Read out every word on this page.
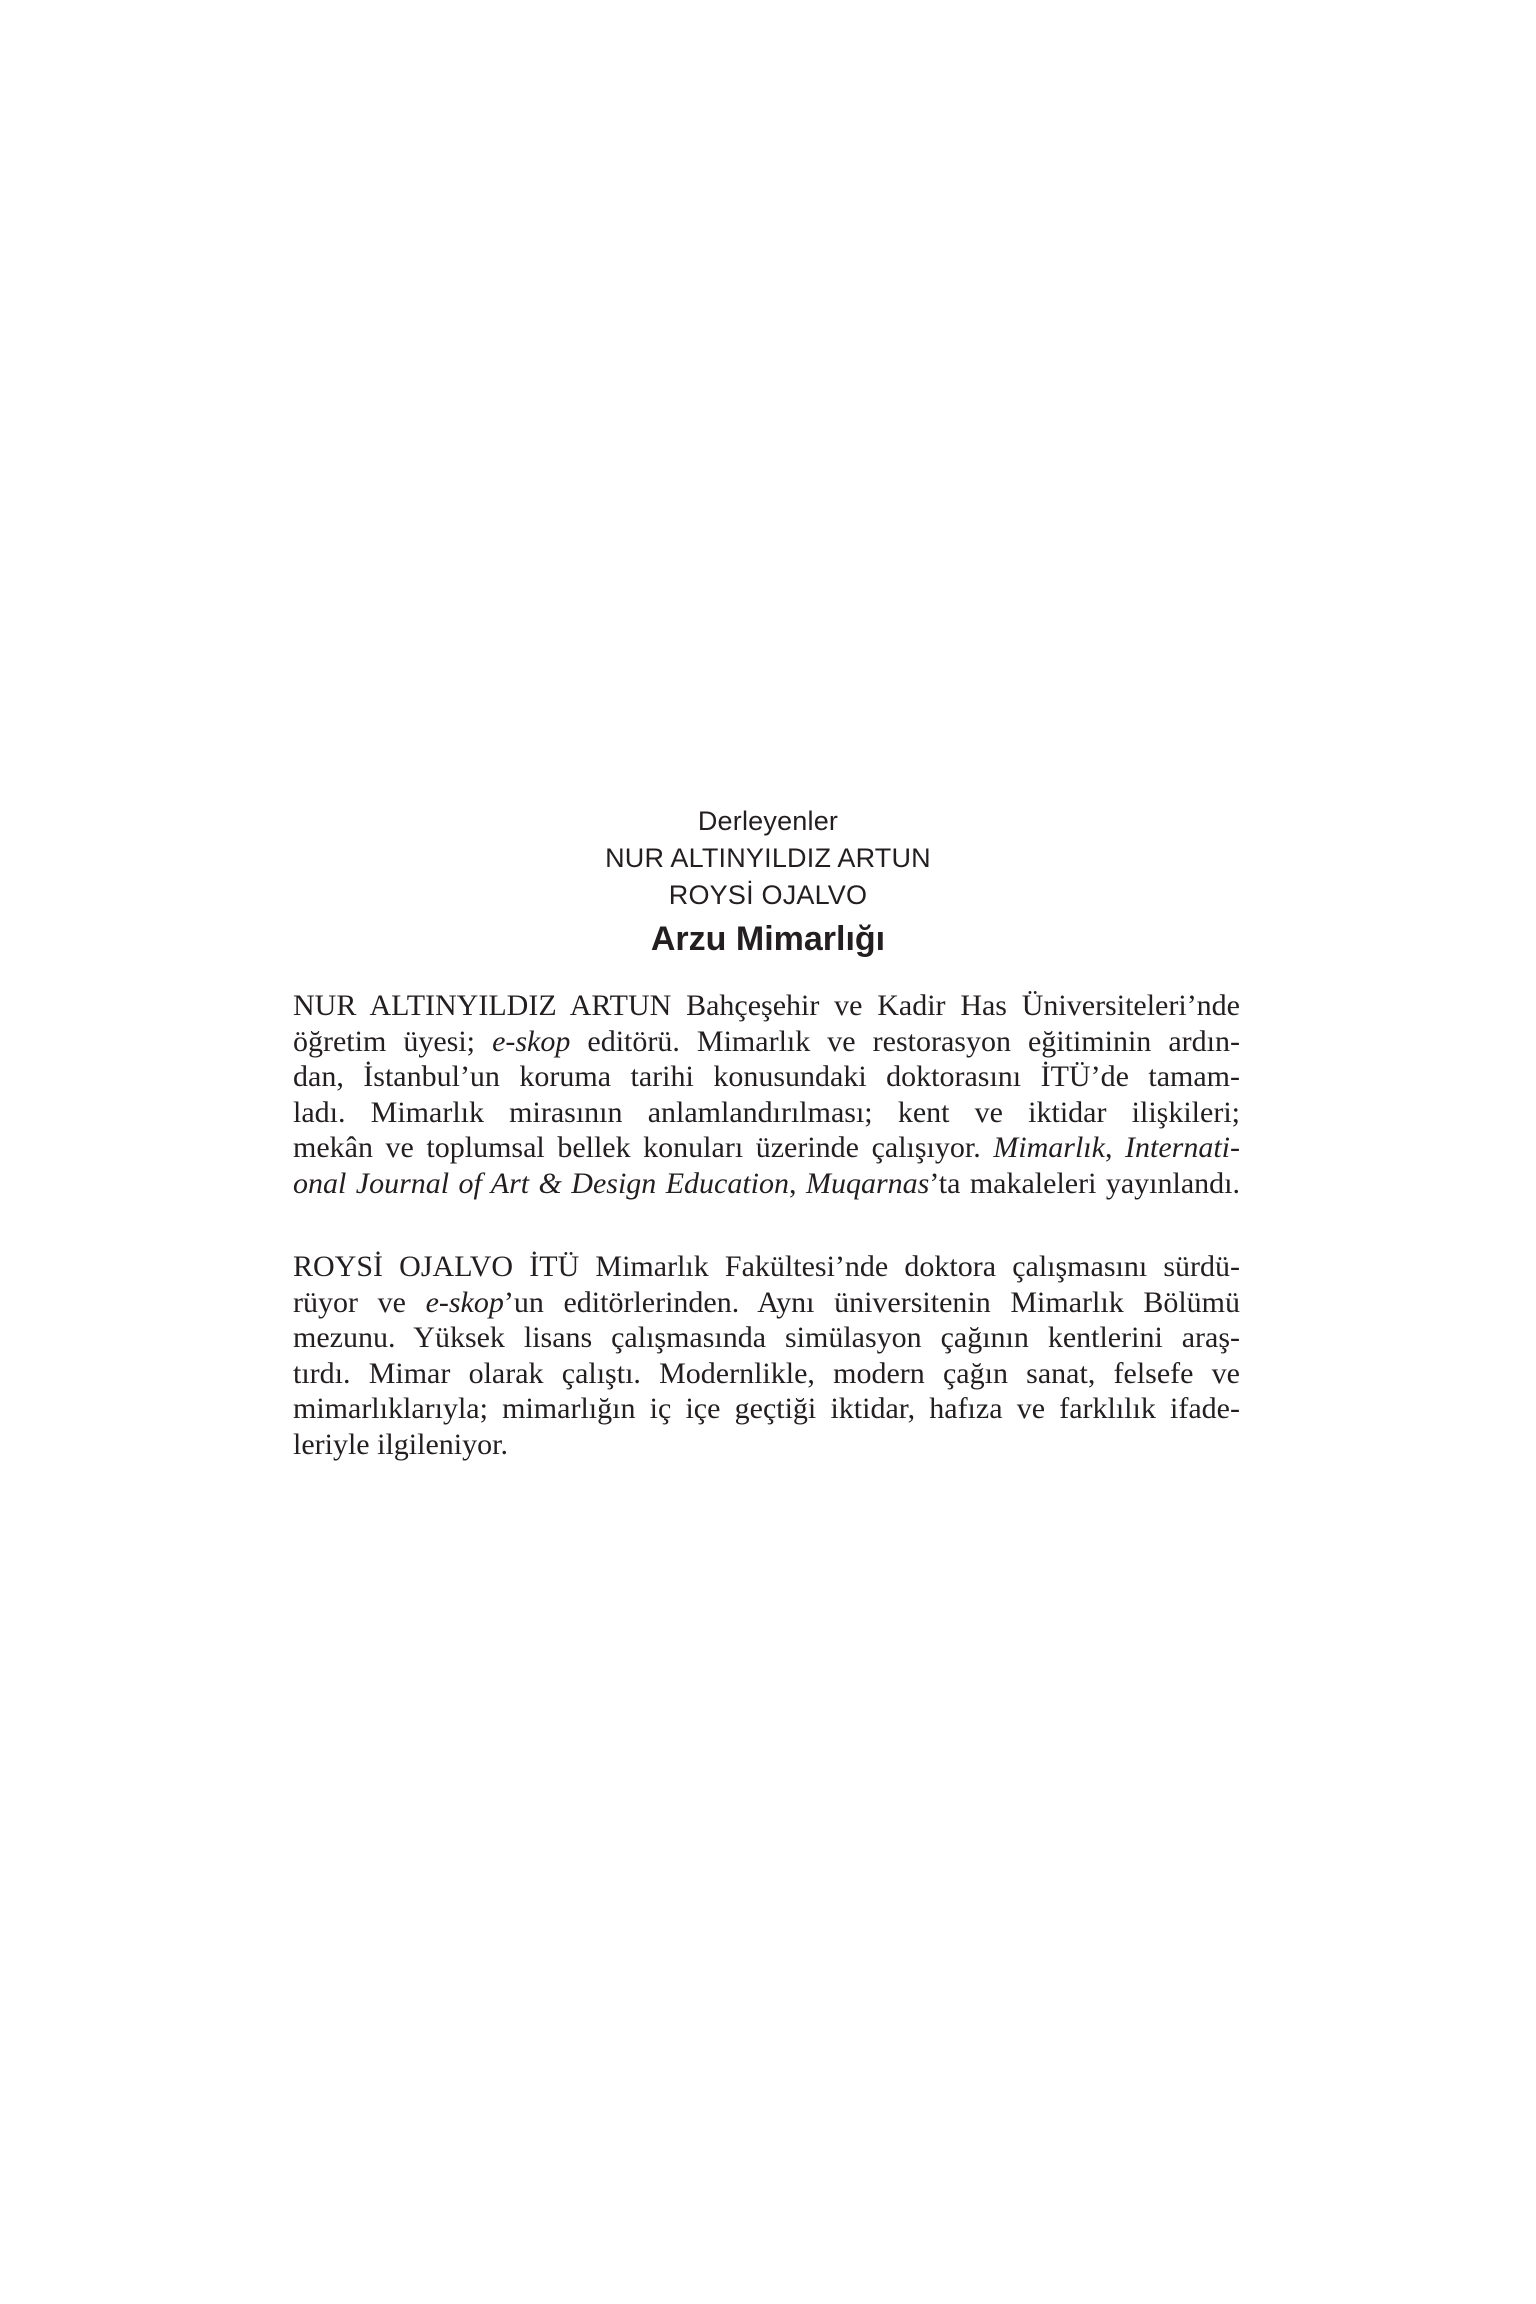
Derleyenler
NUR ALTINYILDIZ ARTUN
ROYSİ OJALVO
Arzu Mimarlığı
NUR ALTINYILDIZ ARTUN Bahçeşehir ve Kadir Has Üniversiteleri’nde
öğretim üyesi; e-skop editörü. Mimarlık ve restorasyon eğitiminin ardın-
dan, İstanbul’un koruma tarihi konusundaki doktorasını İTÜ’de tamam-
ladı. Mimarlık mirasının anlamlandırılması; kent ve iktidar ilişkileri;
mekân ve toplumsal bellek konuları üzerinde çalışıyor. Mimarlık, Internati-
onal Journal of Art & Design Education, Muqarnas’ta makaleleri yayınlandı.
ROYSİ OJALVO İTÜ Mimarlık Fakültesi’nde doktora çalışmasını sürdü-
rüyor ve e-skop’un editörlerinden. Aynı üniversitenin Mimarlık Bölümü
mezunu. Yüksek lisans çalışmasında simülasyon çağının kentlerini araş-
tırdı. Mimar olarak çalıştı. Modernlikle, modern çağın sanat, felsefe ve
mimarlıklarıyla; mimarlığın iç içe geçtiği iktidar, hafıza ve farklılık ifade-
leriyle ilgileniyor.
